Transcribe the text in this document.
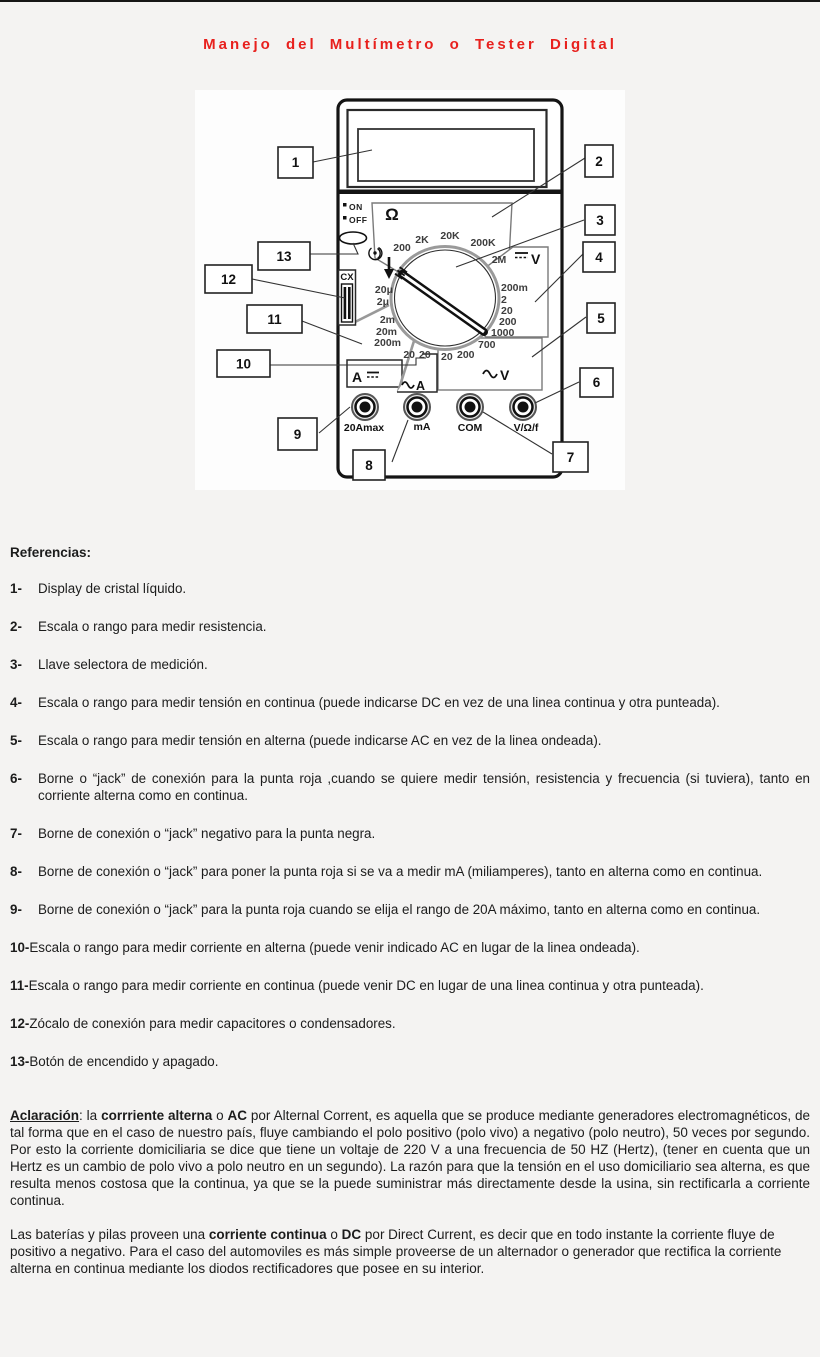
Manejo del Multímetro o Tester Digital
CX
ON
OFF Ω
V
V
A
A
200
2K 20K
200K
2M
200m
2
20
200
1000
20μ
2μ
2m
20m
200m
20 20 20 200
700
20Amax	mA	COM	V/Ω/f
1	2
3
4
5
6
7
8
9
10
11
12
13
Referencias:
1-	Display de cristal líquido.
2-	Escala o rango para medir resistencia.
3-	Llave selectora de medición.
4-	Escala o rango para medir tensión en continua (puede indicarse DC en vez de una linea continua y otra punteada).
5-	Escala o rango para medir tensión en alterna (puede indicarse AC en vez de la linea ondeada).
6-	Borne o “jack” de conexión para la punta roja ,cuando se quiere medir tensión, resistencia y frecuencia (si tuviera), tanto en corriente alterna como en continua.
7-	Borne de conexión o “jack” negativo para la punta negra.
8-	Borne de conexión o “jack” para poner la punta roja si se va a medir mA (miliamperes), tanto en alterna como en continua.
9-	Borne de conexión o “jack” para la punta roja cuando se elija el rango de 20A máximo, tanto en alterna como en continua.
10- Escala o rango para medir corriente en alterna (puede venir indicado AC en lugar de la linea ondeada).
11- Escala o rango para medir corriente en continua (puede venir DC en lugar de una linea continua y otra punteada).
12- Zócalo de conexión para medir capacitores o condensadores.
13- Botón de encendido y apagado.

Aclaración: la corrriente alterna o AC por Alternal Corrent, es aquella que se produce mediante generadores electromagnéticos, de tal forma que en el caso de nuestro país, fluye cambiando el polo positivo (polo vivo) a negativo (polo neutro), 50 veces por segundo. Por esto la corriente domiciliaria se dice que tiene un voltaje de 220 V a una frecuencia de 50 HZ (Hertz), (tener en cuenta que un Hertz es un cambio de polo vivo a polo neutro en un segundo). La razón para que la tensión en el uso domiciliario sea alterna, es que resulta menos costosa que la continua, ya que se la puede suministrar más directamente desde la usina, sin rectificarla a corriente continua.

Las baterías y pilas proveen una corriente continua o DC por Direct Current, es decir que en todo instante la corriente fluye de positivo a negativo. Para el caso del automoviles es más simple proveerse de un alternador o generador que rectifica la corriente alterna en continua mediante los diodos rectificadores que posee en su interior.
